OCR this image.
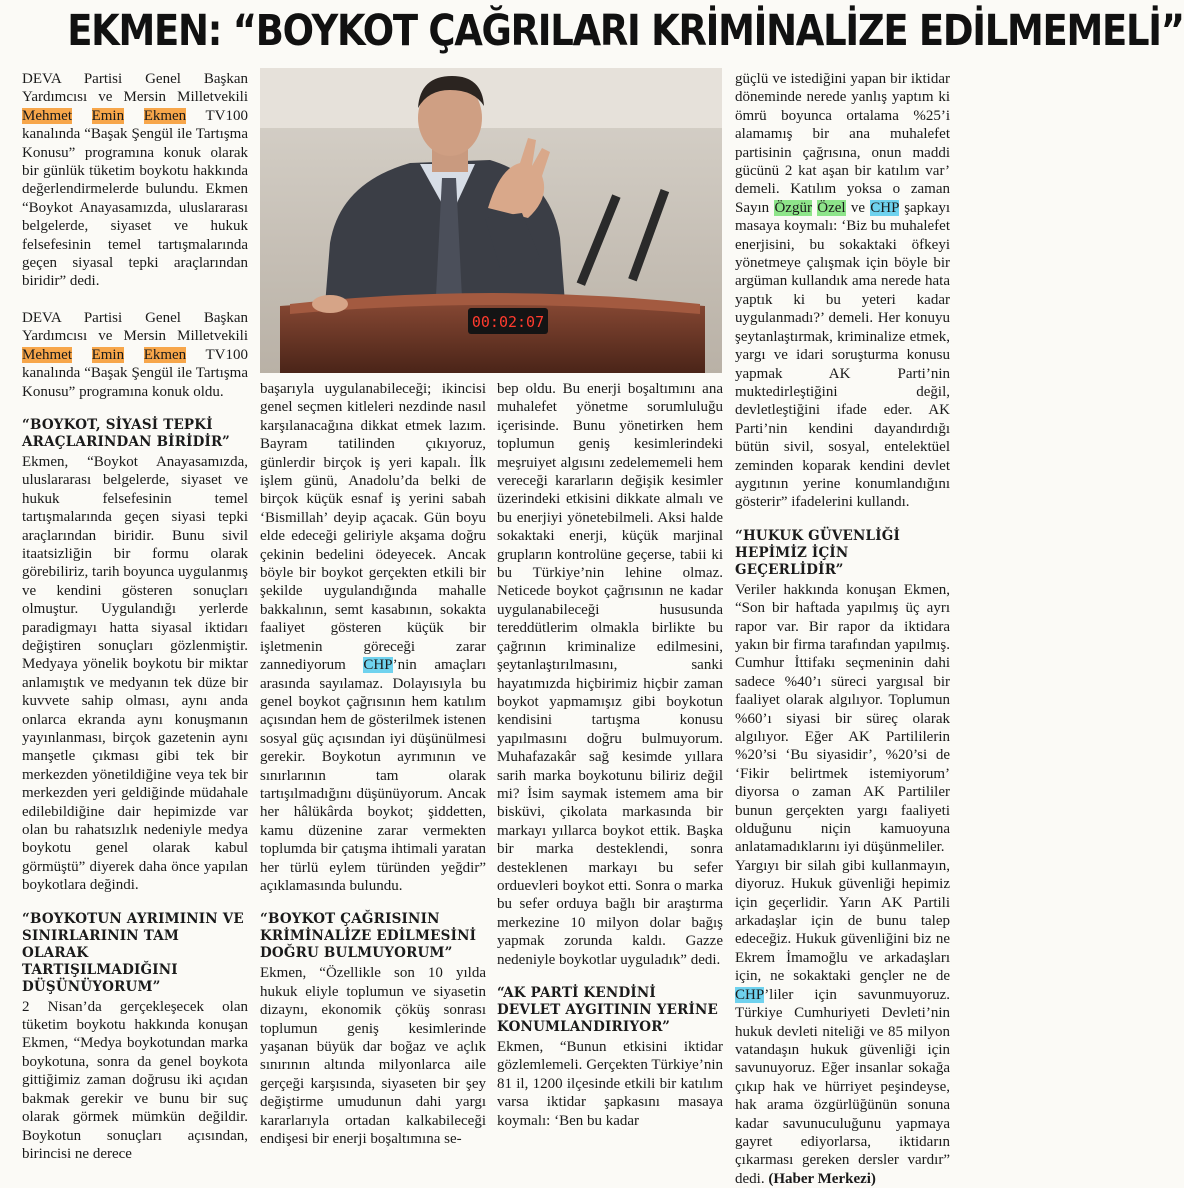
EKMEN: “BOYKOT ÇAĞRILARI KRİMİNALİZE EDİLMEMELİ”

DEVA Partisi Genel Başkan Yardımcısı ve Mersin Milletvekili Mehmet Emin Ekmen TV100 kanalında “Başak Şengül ile Tartışma Konusu” programına konuk olarak bir günlük tüketim boykotu hakkında değerlendirmelerde bulundu. Ekmen “Boykot Anayasamızda, uluslararası belgelerde, siyaset ve hukuk felsefesinin temel tartışmalarında geçen siyasal tepki araçlarından biridir” dedi.

DEVA Partisi Genel Başkan Yardımcısı ve Mersin Milletvekili Mehmet Emin Ekmen TV100 kanalında “Başak Şengül ile Tartışma Konusu” programına konuk oldu.

“BOYKOT, SİYASİ TEPKİ ARAÇLARINDAN BİRİDİR”

Ekmen, “Boykot Anayasamızda, uluslararası belgelerde, siyaset ve hukuk felsefesinin temel tartışmalarında geçen siyasi tepki araçlarından biridir. Bunu sivil itaatsizliğin bir formu olarak görebiliriz, tarih boyunca uygulanmış ve kendini gösteren sonuçları olmuştur. Uygulandığı yerlerde paradigmayı hatta siyasal iktidarı değiştiren sonuçları gözlenmiştir. Medyaya yönelik boykotu bir miktar anlamıştık ve medyanın tek düze bir kuvvete sahip olması, aynı anda onlarca ekranda aynı konuşmanın yayınlanması, birçok gazetenin aynı manşetle çıkması gibi tek bir merkezden yönetildiğine veya tek bir merkezden yeri geldiğinde müdahale edilebildiğine dair hepimizde var olan bu rahatsızlık nedeniyle medya boykotu genel olarak kabul görmüştü” diyerek daha önce yapılan boykotlara değindi.

“BOYKOTUN AYRIMININ VE SINIRLARININ TAM OLARAK TARTIŞILMADIĞINI DÜŞÜNÜYORUM”

2 Nisan’da gerçekleşecek olan tüketim boykotu hakkında konuşan Ekmen, “Medya boykotundan marka boykotuna, sonra da genel boykota gittiğimiz zaman doğrusu iki açıdan bakmak gerekir ve bunu bir suç olarak görmek mümkün değildir. Boykotun sonuçları açısından, birincisi ne derece

00:02:07

başarıyla uygulanabileceği; ikincisi genel seçmen kitleleri nezdinde nasıl karşılanacağına dikkat etmek lazım. Bayram tatilinden çıkıyoruz, günlerdir birçok iş yeri kapalı. İlk işlem günü, Anadolu’da belki de birçok küçük esnaf iş yerini sabah ‘Bismillah’ deyip açacak. Gün boyu elde edeceği geliriyle akşama doğru çekinin bedelini ödeyecek. Ancak böyle bir boykot gerçekten etkili bir şekilde uygulandığında mahalle bakkalının, semt kasabının, sokakta faaliyet gösteren küçük bir işletmenin göreceği zarar zannediyorum CHP’nin amaçları arasında sayılamaz. Dolayısıyla bu genel boykot çağrısının hem katılım açısından hem de gösterilmek istenen sosyal güç açısından iyi düşünülmesi gerekir. Boykotun ayrımının ve sınırlarının tam olarak tartışılmadığını düşünüyorum. Ancak her hâlükârda boykot; şiddetten, kamu düzenine zarar vermekten toplumda bir çatışma ihtimali yaratan her türlü eylem türünden yeğdir” açıklamasında bulundu.

“BOYKOT ÇAĞRISININ KRİMİNALİZE EDİLMESİNİ DOĞRU BULMUYORUM”

Ekmen, “Özellikle son 10 yılda hukuk eliyle toplumun ve siyasetin dizaynı, ekonomik çöküş sonrası toplumun geniş kesimlerinde yaşanan büyük dar boğaz ve açlık sınırının altında milyonlarca aile gerçeği karşısında, siyaseten bir şey değiştirme umudunun dahi yargı kararlarıyla ortadan kalkabileceği endişesi bir enerji boşaltımına se-

bep oldu. Bu enerji boşaltımını ana muhalefet yönetme sorumluluğu içerisinde. Bunu yönetirken hem toplumun geniş kesimlerindeki meşruiyet algısını zedelememeli hem vereceği kararların değişik kesimler üzerindeki etkisini dikkate almalı ve bu enerjiyi yönetebilmeli. Aksi halde sokaktaki enerji, küçük marjinal grupların kontrolüne geçerse, tabii ki bu Türkiye’nin lehine olmaz. Neticede boykot çağrısının ne kadar uygulanabileceği hususunda tereddütlerim olmakla birlikte bu çağrının kriminalize edilmesini, şeytanlaştırılmasını, sanki hayatımızda hiçbirimiz hiçbir zaman boykot yapmamışız gibi boykotun kendisini tartışma konusu yapılmasını doğru bulmuyorum. Muhafazakâr sağ kesimde yıllara sarih marka boykotunu biliriz değil mi? İsim saymak istemem ama bir bisküvi, çikolata markasında bir markayı yıllarca boykot ettik. Başka bir marka desteklendi, sonra desteklenen markayı bu sefer orduevleri boykot etti. Sonra o marka bu sefer orduya bağlı bir araştırma merkezine 10 milyon dolar bağış yapmak zorunda kaldı. Gazze nedeniyle boykotlar uyguladık” dedi.

“AK PARTİ KENDİNİ DEVLET AYGITININ YERİNE KONUMLANDIRIYOR”

Ekmen, “Bunun etkisini iktidar gözlemlemeli. Gerçekten Türkiye’nin 81 il, 1200 ilçesinde etkili bir katılım varsa iktidar şapkasını masaya koymalı: ‘Ben bu kadar

güçlü ve istediğini yapan bir iktidar döneminde nerede yanlış yaptım ki ömrü boyunca ortalama %25’i alamamış bir ana muhalefet partisinin çağrısına, onun maddi gücünü 2 kat aşan bir katılım var’ demeli. Katılım yoksa o zaman Sayın Özgür Özel ve CHP şapkayı masaya koymalı: ‘Biz bu muhalefet enerjisini, bu sokaktaki öfkeyi yönetmeye çalışmak için böyle bir argüman kullandık ama nerede hata yaptık ki bu yeteri kadar uygulanmadı?’ demeli. Her konuyu şeytanlaştırmak, kriminalize etmek, yargı ve idari soruşturma konusu yapmak AK Parti’nin muktedirleştiğini değil, devletleştiğini ifade eder. AK Parti’nin kendini dayandırdığı bütün sivil, sosyal, entelektüel zeminden koparak kendini devlet aygıtının yerine konumlandığını gösterir” ifadelerini kullandı.

“HUKUK GÜVENLİĞİ HEPİMİZ İÇİN GEÇERLİDİR”

Veriler hakkında konuşan Ekmen, “Son bir haftada yapılmış üç ayrı rapor var. Bir rapor da iktidara yakın bir firma tarafından yapılmış. Cumhur İttifakı seçmeninin dahi sadece %40’ı süreci yargısal bir faaliyet olarak algılıyor. Toplumun %60’ı siyasi bir süreç olarak algılıyor. Eğer AK Partililerin %20’si ‘Bu siyasidir’, %20’si de ‘Fikir belirtmek istemiyorum’ diyorsa o zaman AK Partililer bunun gerçekten yargı faaliyeti olduğunu niçin kamuoyuna anlatamadıklarını iyi düşünmeliler.

Yargıyı bir silah gibi kullanmayın, diyoruz. Hukuk güvenliği hepimiz için geçerlidir. Yarın AK Partili arkadaşlar için de bunu talep edeceğiz. Hukuk güvenliğini biz ne Ekrem İmamoğlu ve arkadaşları için, ne sokaktaki gençler ne de CHP’liler için savunmuyoruz. Türkiye Cumhuriyeti Devleti’nin hukuk devleti niteliği ve 85 milyon vatandaşın hukuk güvenliği için savunuyoruz. Eğer insanlar sokağa çıkıp hak ve hürriyet peşindeyse, hak arama özgürlüğünün sonuna kadar savunuculuğunu yapmaya gayret ediyorlarsa, iktidarın çıkarması gereken dersler vardır” dedi. (Haber Merkezi)
